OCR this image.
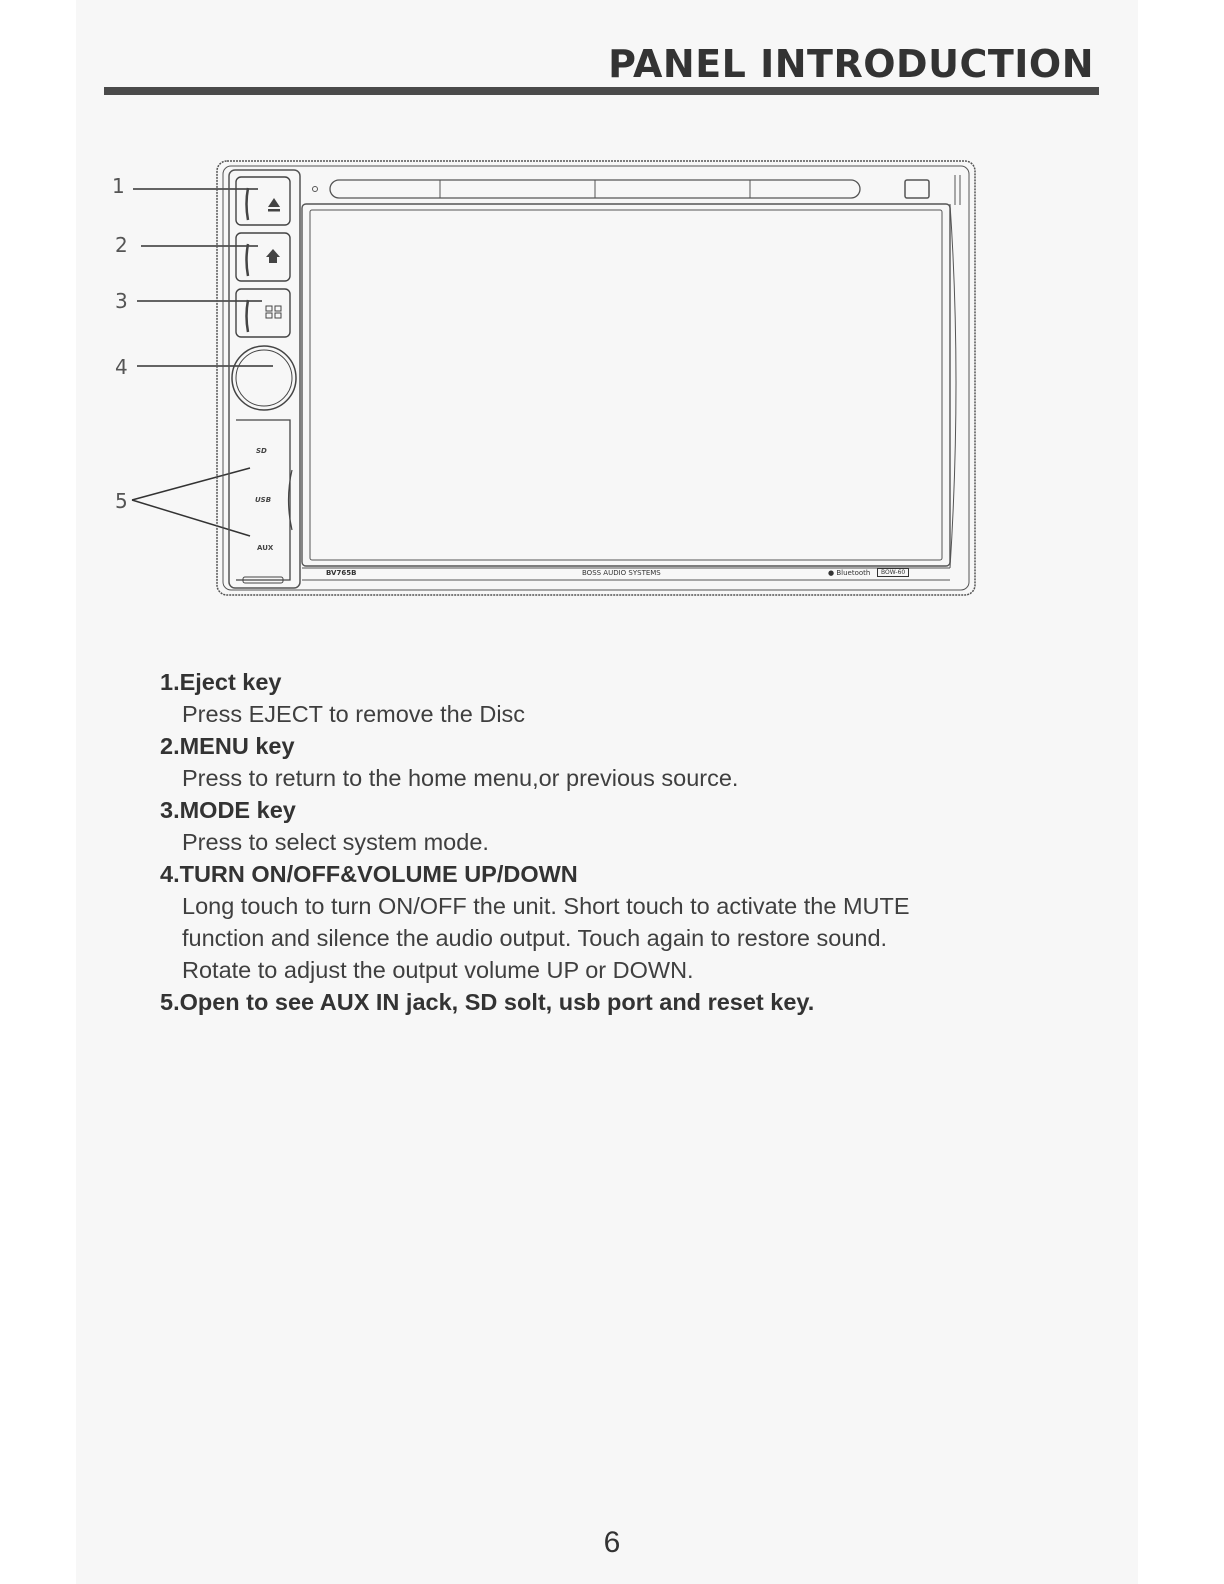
PANEL INTRODUCTION
1
2
3
4
5
SD
USB
AUX
BV765B	BOSS AUDIO SYSTEMS	● Bluetooth	BOW-60
1.Eject key
Press EJECT to remove the Disc
2.MENU key
Press to return to the home menu,or previous source.
3.MODE key
Press to select system mode.
4.TURN ON/OFF&VOLUME UP/DOWN
Long touch to turn ON/OFF the unit. Short touch to activate the MUTE
function and silence the audio output. Touch again to restore sound.
Rotate to adjust the output volume UP or DOWN.
5.Open to see AUX IN jack, SD solt, usb port and reset key.
6
